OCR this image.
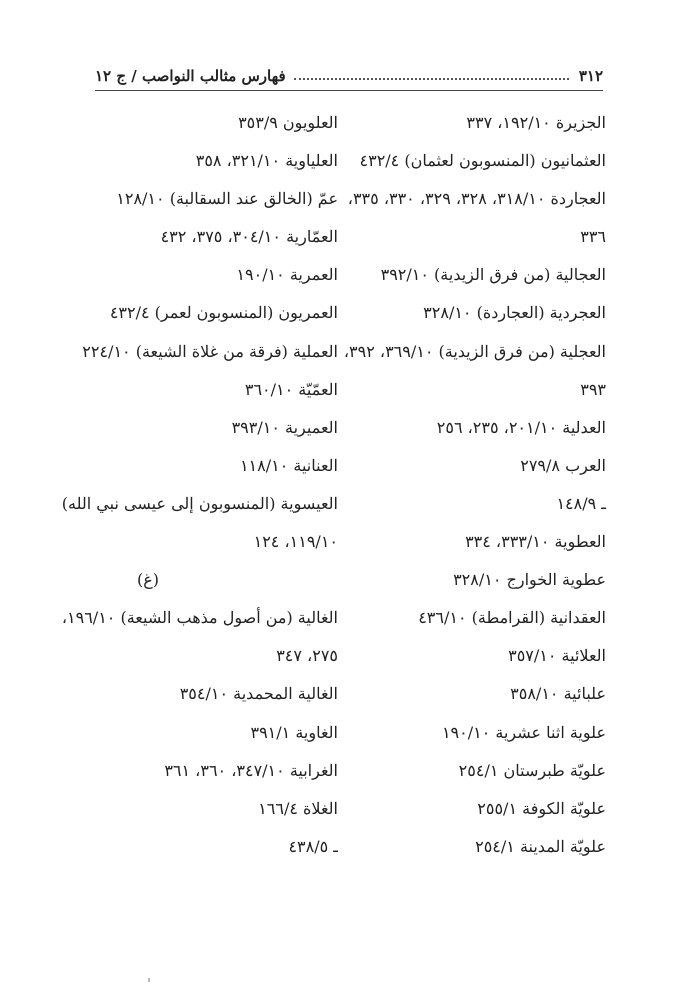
٣١٢
فهارس مثالب النواصب / ج ١٢
الجزيرة ١٩٢/١٠، ٣٣٧
العثمانيون (المنسوبون لعثمان) ٤٣٢/٤
العجاردة ٣١٨/١٠، ٣٢٨، ٣٢٩، ٣٣٠، ٣٣٥،
٣٣٦
العجالية (من فرق الزيدية) ٣٩٢/١٠
العجردية (العجاردة) ٣٢٨/١٠
العجلية (من فرق الزيدية) ٣٦٩/١٠، ٣٩٢،
٣٩٣
العدلية ٢٠١/١٠، ٢٣٥، ٢٥٦
العرب ٢٧٩/٨
ـ ١٤٨/٩
العطوية ٣٣٣/١٠، ٣٣٤
عطوية الخوارج ٣٢٨/١٠
العقدانية (القرامطة) ٤٣٦/١٠
العلائية ٣٥٧/١٠
علبائية ٣٥٨/١٠
علوية اثنا عشرية ١٩٠/١٠
علويّة طبرستان ٢٥٤/١
علويّة الكوفة ٢٥٥/١
علويّة المدينة ٢٥٤/١
العلويون ٣٥٣/٩
العلياوية ٣٢١/١٠، ٣٥٨
عمّ (الخالق عند السقالبة) ١٢٨/١٠
العمّارية ٣٠٤/١٠، ٣٧٥، ٤٣٢
العمرية ١٩٠/١٠
العمريون (المنسوبون لعمر) ٤٣٢/٤
العملية (فرقة من غلاة الشيعة) ٢٢٤/١٠
العمّيّة ٣٦٠/١٠
العميرية ٣٩٣/١٠
العنانية ١١٨/١٠
العيسوية (المنسوبون إلى عيسى نبي الله)
١١٩/١٠، ١٢٤
(غ)
الغالية (من أصول مذهب الشيعة) ١٩٦/١٠،
٢٧٥، ٣٤٧
الغالية المحمدية ٣٥٤/١٠
الغاوية ٣٩١/١
الغرابية ٣٤٧/١٠، ٣٦٠، ٣٦١
الغلاة ١٦٦/٤
ـ ٤٣٨/٥
